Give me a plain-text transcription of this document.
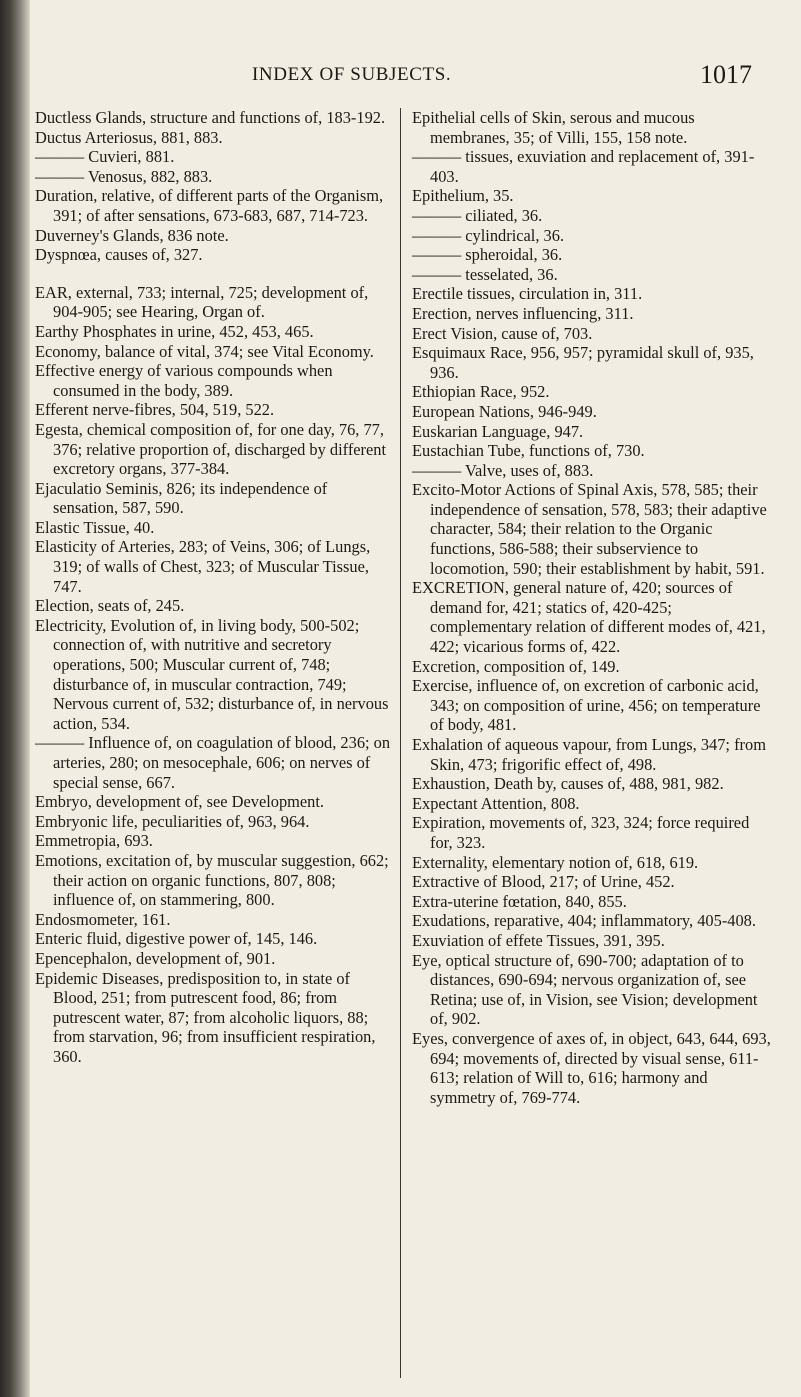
INDEX OF SUBJECTS.	1017

Ductless Glands, structure and functions of, 183-192.

Ductus Arteriosus, 881, 883.

——— Cuvieri, 881.

——— Venosus, 882, 883.

Duration, relative, of different parts of the Organism, 391; of after sensations, 673-683, 687, 714-723.

Duverney's Glands, 836 note.

Dyspnœa, causes of, 327.

EAR, external, 733; internal, 725; development of, 904-905; see Hearing, Organ of.

Earthy Phosphates in urine, 452, 453, 465.

Economy, balance of vital, 374; see Vital Economy.

Effective energy of various compounds when consumed in the body, 389.

Efferent nerve-fibres, 504, 519, 522.

Egesta, chemical composition of, for one day, 76, 77, 376; relative proportion of, discharged by different excretory organs, 377-384.

Ejaculatio Seminis, 826; its independence of sensation, 587, 590.

Elastic Tissue, 40.

Elasticity of Arteries, 283; of Veins, 306; of Lungs, 319; of walls of Chest, 323; of Muscular Tissue, 747.

Election, seats of, 245.

Electricity, Evolution of, in living body, 500-502; connection of, with nutritive and secretory operations, 500; Muscular current of, 748; disturbance of, in muscular contraction, 749; Nervous current of, 532; disturbance of, in nervous action, 534.

——— Influence of, on coagulation of blood, 236; on arteries, 280; on mesocephale, 606; on nerves of special sense, 667.

Embryo, development of, see Development.

Embryonic life, peculiarities of, 963, 964.

Emmetropia, 693.

Emotions, excitation of, by muscular suggestion, 662; their action on organic functions, 807, 808; influence of, on stammering, 800.

Endosmometer, 161.

Enteric fluid, digestive power of, 145, 146.

Epencephalon, development of, 901.

Epidemic Diseases, predisposition to, in state of Blood, 251; from putrescent food, 86; from putrescent water, 87; from alcoholic liquors, 88; from starvation, 96; from insufficient respiration, 360.

Epithelial cells of Skin, serous and mucous membranes, 35; of Villi, 155, 158 note.

——— tissues, exuviation and replacement of, 391-403.

Epithelium, 35.

——— ciliated, 36.

——— cylindrical, 36.

——— spheroidal, 36.

——— tesselated, 36.

Erectile tissues, circulation in, 311.

Erection, nerves influencing, 311.

Erect Vision, cause of, 703.

Esquimaux Race, 956, 957; pyramidal skull of, 935, 936.

Ethiopian Race, 952.

European Nations, 946-949.

Euskarian Language, 947.

Eustachian Tube, functions of, 730.

——— Valve, uses of, 883.

Excito-Motor Actions of Spinal Axis, 578, 585; their independence of sensation, 578, 583; their adaptive character, 584; their relation to the Organic functions, 586-588; their subservience to locomotion, 590; their establishment by habit, 591.

EXCRETION, general nature of, 420; sources of demand for, 421; statics of, 420-425; complementary relation of different modes of, 421, 422; vicarious forms of, 422.

Excretion, composition of, 149.

Exercise, influence of, on excretion of carbonic acid, 343; on composition of urine, 456; on temperature of body, 481.

Exhalation of aqueous vapour, from Lungs, 347; from Skin, 473; frigorific effect of, 498.

Exhaustion, Death by, causes of, 488, 981, 982.

Expectant Attention, 808.

Expiration, movements of, 323, 324; force required for, 323.

Externality, elementary notion of, 618, 619.

Extractive of Blood, 217; of Urine, 452.

Extra-uterine fœtation, 840, 855.

Exudations, reparative, 404; inflammatory, 405-408.

Exuviation of effete Tissues, 391, 395.

Eye, optical structure of, 690-700; adaptation of to distances, 690-694; nervous organization of, see Retina; use of, in Vision, see Vision; development of, 902.

Eyes, convergence of axes of, in object, 643, 644, 693, 694; movements of, directed by visual sense, 611-613; relation of Will to, 616; harmony and symmetry of, 769-774.
